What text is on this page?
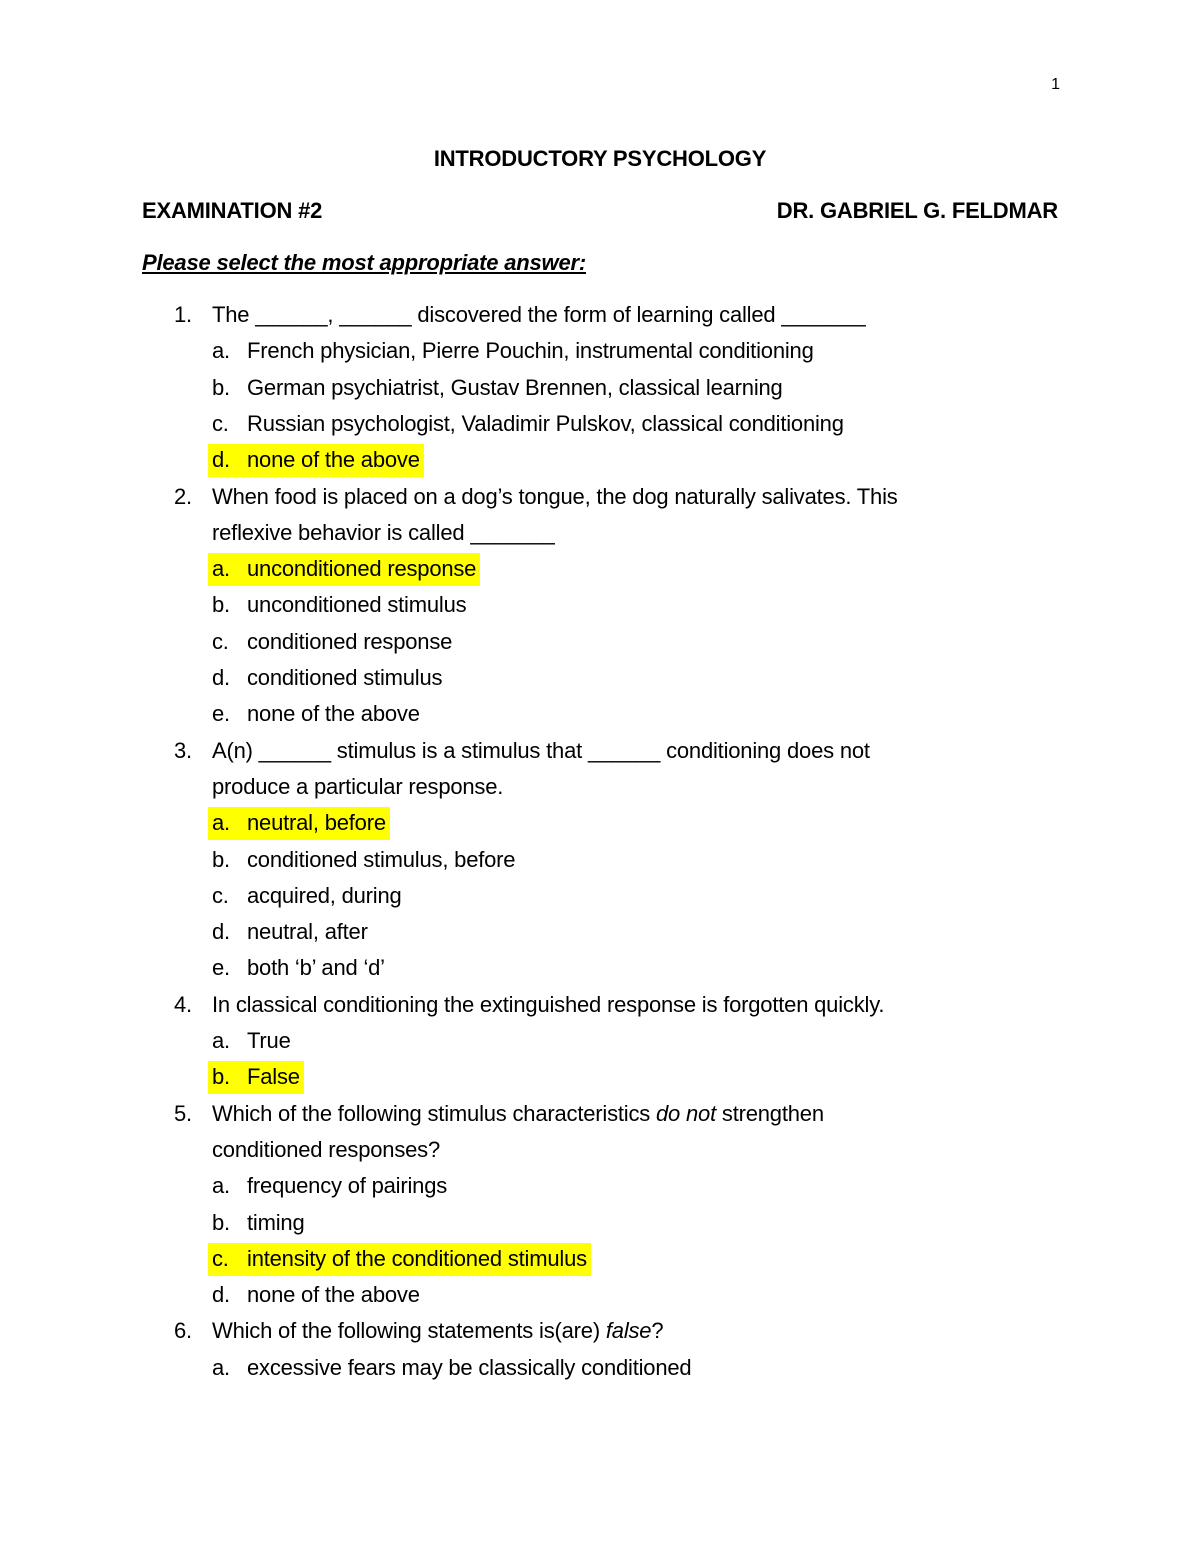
1
INTRODUCTORY PSYCHOLOGY
EXAMINATION #2	DR. GABRIEL G. FELDMAR
Please select the most appropriate answer:
1. The ______, ______ discovered the form of learning called _______
a. French physician, Pierre Pouchin, instrumental conditioning
b. German psychiatrist, Gustav Brennen, classical learning
c. Russian psychologist, Valadimir Pulskov, classical conditioning
d. none of the above
2. When food is placed on a dog’s tongue, the dog naturally salivates. This
reflexive behavior is called _______
a. unconditioned response
b. unconditioned stimulus
c. conditioned response
d. conditioned stimulus
e. none of the above
3. A(n) ______ stimulus is a stimulus that ______ conditioning does not
produce a particular response.
a. neutral, before
b. conditioned stimulus, before
c. acquired, during
d. neutral, after
e. both ‘b’ and ‘d’
4. In classical conditioning the extinguished response is forgotten quickly.
a. True
b. False
5. Which of the following stimulus characteristics do not strengthen
conditioned responses?
a. frequency of pairings
b. timing
c. intensity of the conditioned stimulus
d. none of the above
6. Which of the following statements is(are) false?
a. excessive fears may be classically conditioned
